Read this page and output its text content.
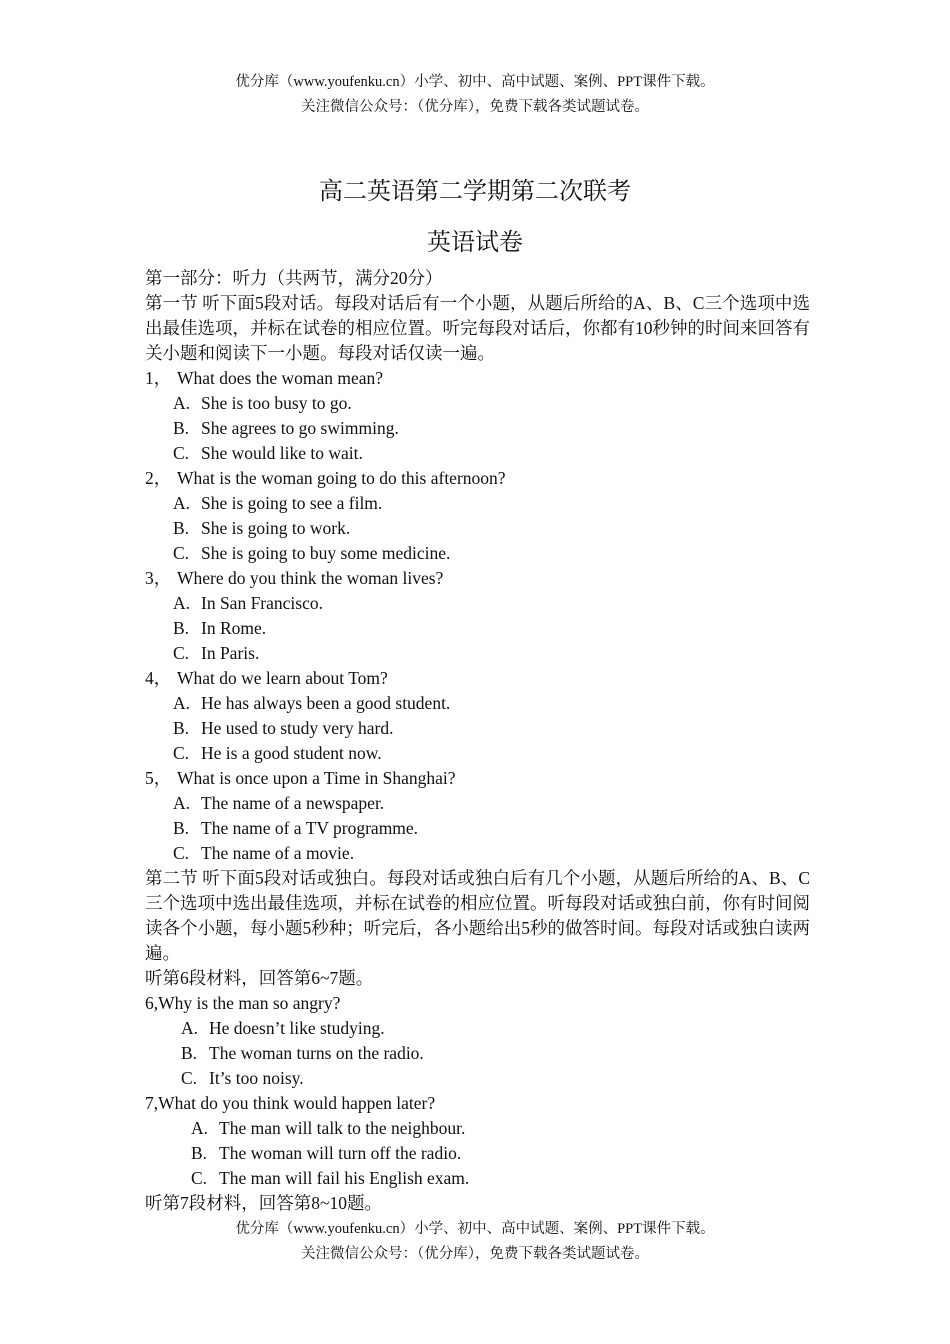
优分库（www.youfenku.cn）小学、初中、高中试题、案例、PPT课件下载。
关注微信公众号：（优分库），免费下载各类试题试卷。
高二英语第二学期第二次联考
英语试卷
第一部分：听力（共两节，满分20分）
第一节 听下面5段对话。每段对话后有一个小题，从题后所给的A、B、C三个选项中选出最佳选项，并标在试卷的相应位置。听完每段对话后，你都有10秒钟的时间来回答有关小题和阅读下一小题。每段对话仅读一遍。
1， What does the woman mean?
A. She is too busy to go.
B. She agrees to go swimming.
C. She would like to wait.
2， What is the woman going to do this afternoon?
A. She is going to see a film.
B. She is going to work.
C. She is going to buy some medicine.
3， Where do you think the woman lives?
A. In San Francisco.
B. In Rome.
C. In Paris.
4， What do we learn about Tom?
A. He has always been a good student.
B. He used to study very hard.
C. He is a good student now.
5， What is once upon a Time in Shanghai?
A. The name of a newspaper.
B. The name of a TV programme.
C. The name of a movie.
第二节 听下面5段对话或独白。每段对话或独白后有几个小题，从题后所给的A、B、C三个选项中选出最佳选项，并标在试卷的相应位置。听每段对话或独白前，你有时间阅读各个小题，每小题5秒种；听完后，各小题给出5秒的做答时间。每段对话或独白读两遍。
听第6段材料，回答第6~7题。
6,Why is the man so angry?
A. He doesn’t like studying.
B. The woman turns on the radio.
C. It’s too noisy.
7,What do you think would happen later?
A. The man will talk to the neighbour.
B. The woman will turn off the radio.
C. The man will fail his English exam.
听第7段材料，回答第8~10题。
优分库（www.youfenku.cn）小学、初中、高中试题、案例、PPT课件下载。
关注微信公众号：（优分库），免费下载各类试题试卷。
